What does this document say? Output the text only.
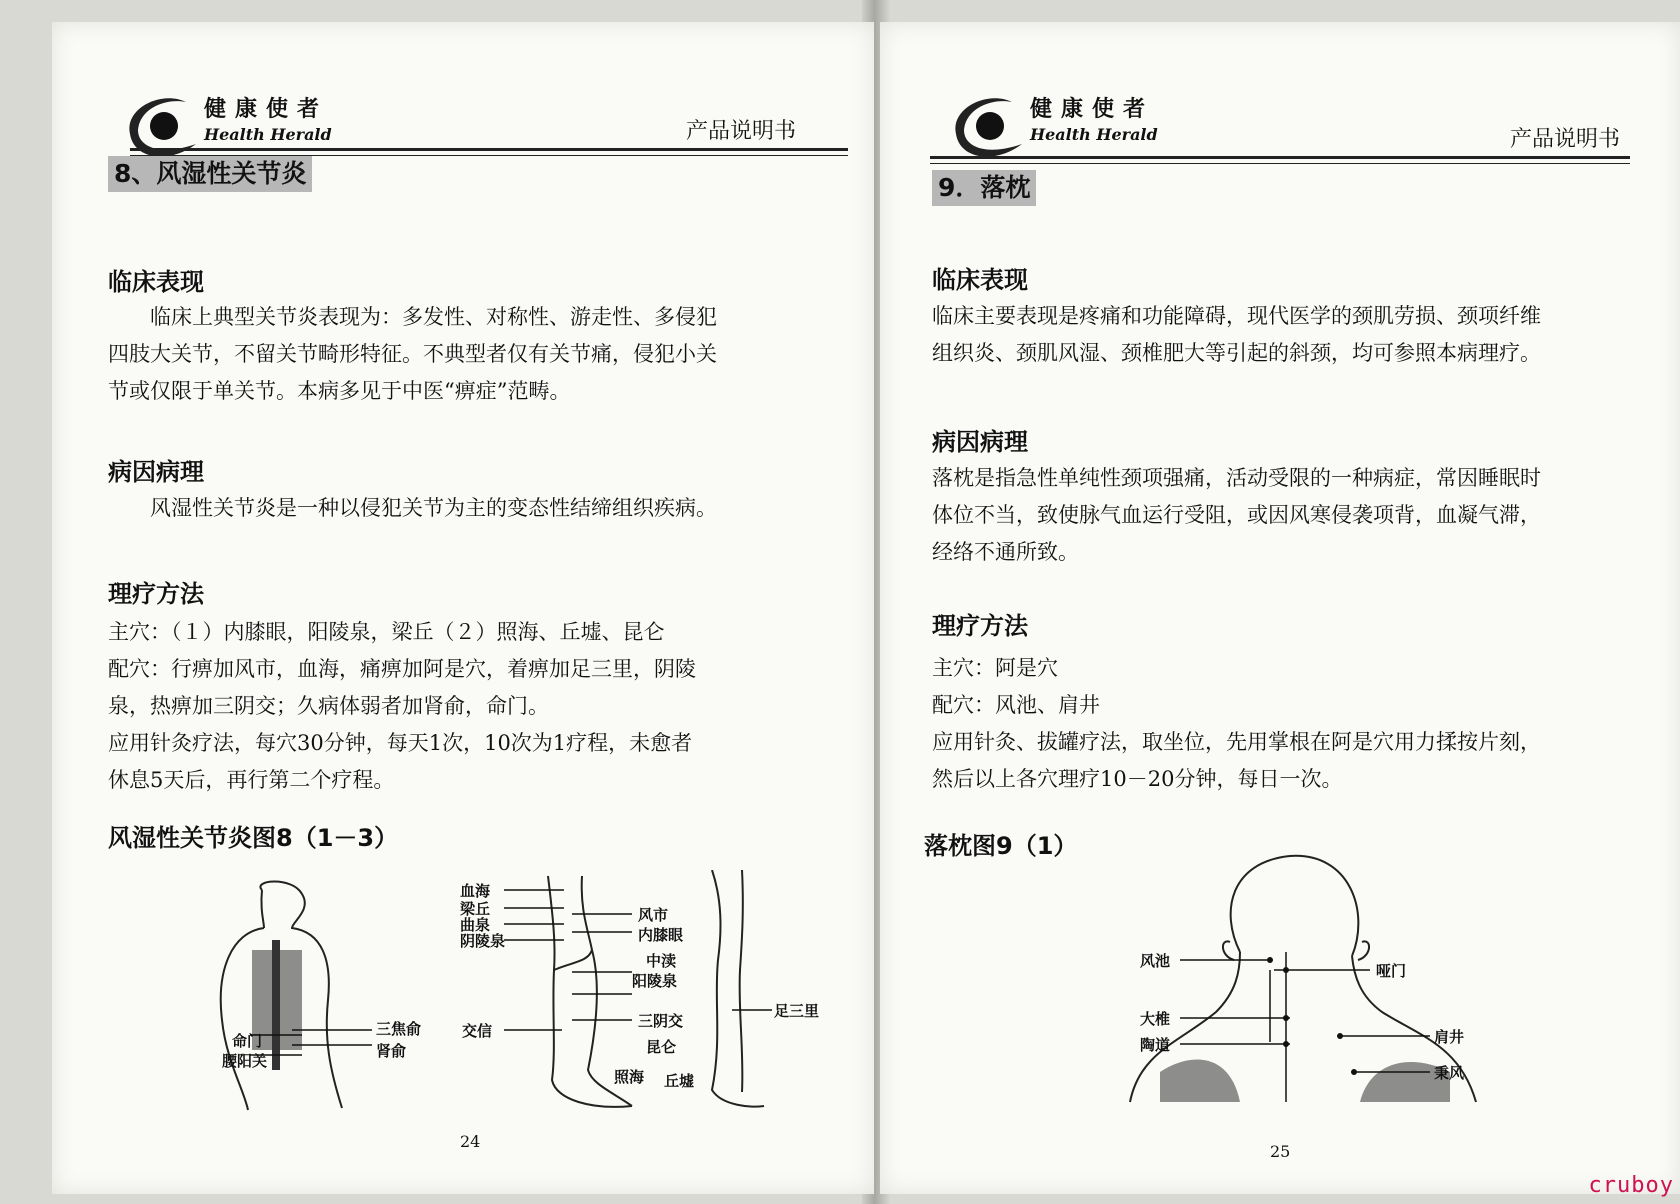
健康使者
Health Herald	产品说明书
8、风湿性关节炎
临床表现
　　临床上典型关节炎表现为：多发性、对称性、游走性、多侵犯
四肢大关节，不留关节畸形特征。不典型者仅有关节痛，侵犯小关
节或仅限于单关节。本病多见于中医“痹症”范畴。
病因病理
　　风湿性关节炎是一种以侵犯关节为主的变态性结缔组织疾病。
理疗方法
主穴：（１）内膝眼，阳陵泉，梁丘（２）照海、丘墟、昆仑
配穴：行痹加风市，血海，痛痹加阿是穴，着痹加足三里，阴陵
泉，热痹加三阴交；久病体弱者加肾俞，命门。
应用针灸疗法，每穴30分钟，每天1次，10次为1疗程，未愈者
休息5天后，再行第二个疗程。
风湿性关节炎图8（1－3）
命门
腰阳关
三焦俞
肾俞
血海
梁丘
曲泉
阴陵泉
交信
风市
内膝眼
中渎
阳陵泉
三阴交
昆仑
照海 丘墟
足三里
24
健康使者
Health Herald	产品说明书
9．落枕
临床表现
临床主要表现是疼痛和功能障碍，现代医学的颈肌劳损、颈项纤维
组织炎、颈肌风湿、颈椎肥大等引起的斜颈，均可参照本病理疗。
病因病理
落枕是指急性单纯性颈项强痛，活动受限的一种病症，常因睡眠时
体位不当，致使脉气血运行受阻，或因风寒侵袭项背，血凝气滞，
经络不通所致。
理疗方法
主穴：阿是穴
配穴：风池、肩井
应用针灸、拔罐疗法，取坐位，先用掌根在阿是穴用力揉按片刻，
然后以上各穴理疗10－20分钟，每日一次。
落枕图9（1）
风池
哑门
大椎
陶道	肩井
秉风
25
cruboy
